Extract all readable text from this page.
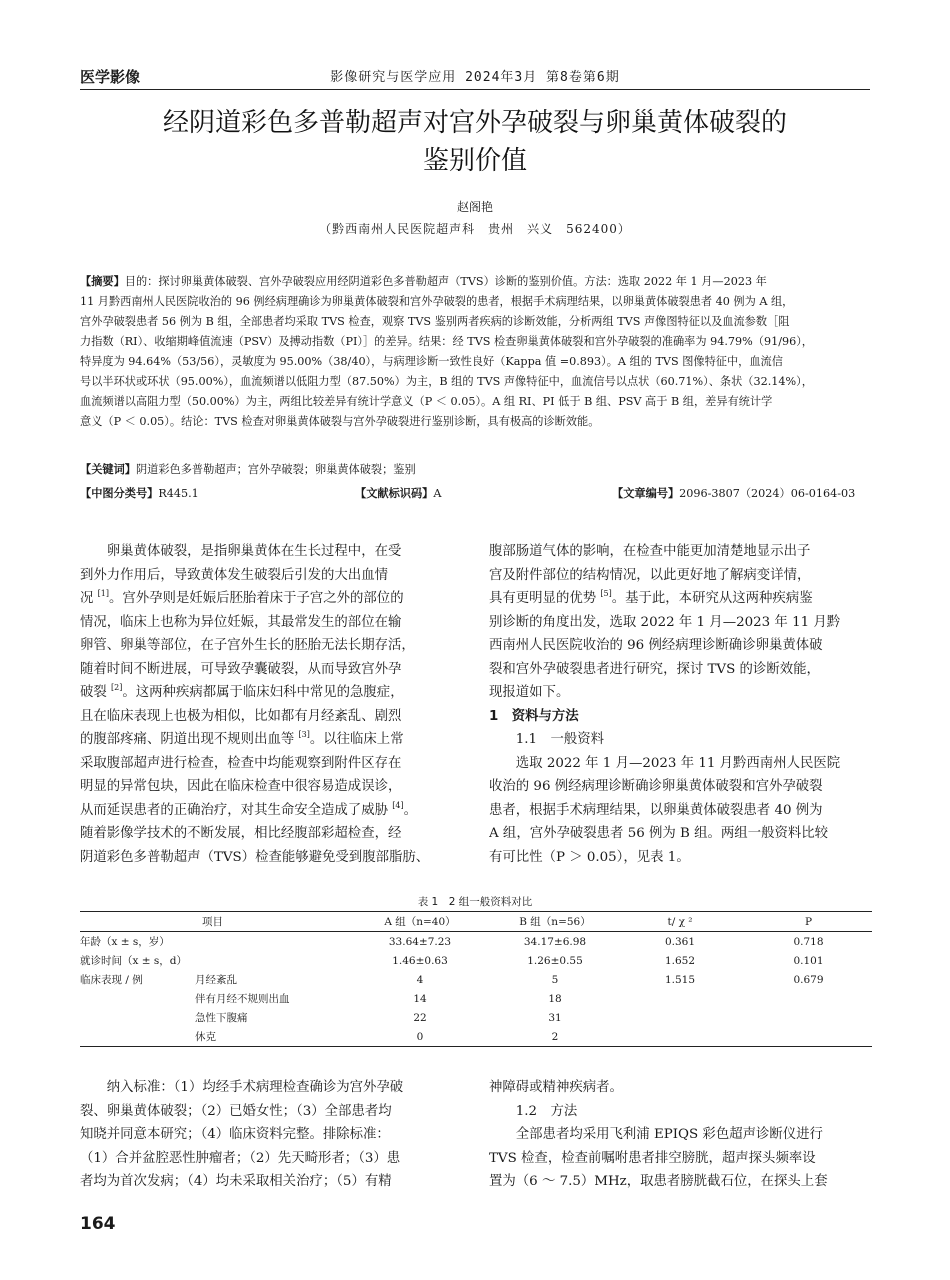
医学影像	影像研究与医学应用 2024年3月 第8卷第6期
经阴道彩色多普勒超声对宫外孕破裂与卵巢黄体破裂的
鉴别价值
赵阁艳
（黔西南州人民医院超声科　贵州　兴义　562400）
【摘要】目的：探讨卵巢黄体破裂、宫外孕破裂应用经阴道彩色多普勒超声（TVS）诊断的鉴别价值。方法：选取 2022 年 1 月—2023 年
11 月黔西南州人民医院收治的 96 例经病理确诊为卵巢黄体破裂和宫外孕破裂的患者，根据手术病理结果，以卵巢黄体破裂患者 40 例为 A 组，
宫外孕破裂患者 56 例为 B 组，全部患者均采取 TVS 检查，观察 TVS 鉴别两者疾病的诊断效能，分析两组 TVS 声像图特征以及血流参数［阻
力指数（RI）、收缩期峰值流速（PSV）及搏动指数（PI）］的差异。结果：经 TVS 检查卵巢黄体破裂和宫外孕破裂的准确率为 94.79%（91/96），
特异度为 94.64%（53/56），灵敏度为 95.00%（38/40），与病理诊断一致性良好（Kappa 值 =0.893）。A 组的 TVS 图像特征中，血流信
号以半环状或环状（95.00%），血流频谱以低阻力型（87.50%）为主，B 组的 TVS 声像特征中，血流信号以点状（60.71%）、条状（32.14%），
血流频谱以高阻力型（50.00%）为主，两组比较差异有统计学意义（P ＜ 0.05）。A 组 RI、PI 低于 B 组、PSV 高于 B 组，差异有统计学
意义（P ＜ 0.05）。结论：TVS 检查对卵巢黄体破裂与宫外孕破裂进行鉴别诊断，具有极高的诊断效能。
【关键词】阴道彩色多普勒超声；宫外孕破裂；卵巢黄体破裂；鉴别
【中图分类号】R445.1	【文献标识码】A	【文章编号】2096-3807（2024）06-0164-03
　　卵巢黄体破裂，是指卵巢黄体在生长过程中，在受
到外力作用后，导致黄体发生破裂后引发的大出血情
况 [1]。宫外孕则是妊娠后胚胎着床于子宫之外的部位的
情况，临床上也称为异位妊娠，其最常发生的部位在输
卵管、卵巢等部位，在子宫外生长的胚胎无法长期存活，
随着时间不断进展，可导致孕囊破裂，从而导致宫外孕
破裂 [2]。这两种疾病都属于临床妇科中常见的急腹症，
且在临床表现上也极为相似，比如都有月经紊乱、剧烈
的腹部疼痛、阴道出现不规则出血等 [3]。以往临床上常
采取腹部超声进行检查，检查中均能观察到附件区存在
明显的异常包块，因此在临床检查中很容易造成误诊，
从而延误患者的正确治疗，对其生命安全造成了威胁 [4]。
随着影像学技术的不断发展，相比经腹部彩超检查，经
阴道彩色多普勒超声（TVS）检查能够避免受到腹部脂肪、
腹部肠道气体的影响，在检查中能更加清楚地显示出子
宫及附件部位的结构情况，以此更好地了解病变详情，
具有更明显的优势 [5]。基于此，本研究从这两种疾病鉴
别诊断的角度出发，选取 2022 年 1 月—2023 年 11 月黔
西南州人民医院收治的 96 例经病理诊断确诊卵巢黄体破
裂和宫外孕破裂患者进行研究，探讨 TVS 的诊断效能，
现报道如下。
1　资料与方法
　　1.1　一般资料
　　选取 2022 年 1 月—2023 年 11 月黔西南州人民医院
收治的 96 例经病理诊断确诊卵巢黄体破裂和宫外孕破裂
患者，根据手术病理结果，以卵巢黄体破裂患者 40 例为
A 组，宫外孕破裂患者 56 例为 B 组。两组一般资料比较
有可比性（P ＞ 0.05），见表 1。
表 1　2 组一般资料对比
项目		A 组（n=40）	B 组（n=56）	t/ χ ²	P
年龄（x ± s，岁）		33.64±7.23	34.17±6.98	0.361	0.718
就诊时间（x ± s，d）		1.46±0.63	1.26±0.55	1.652	0.101
临床表现 / 例	月经紊乱	4	5	1.515	0.679
	伴有月经不规则出血	14	18		
	急性下腹痛	22	31		
	休克	0	2		
　　纳入标准：（1）均经手术病理检查确诊为宫外孕破
裂、卵巢黄体破裂；（2）已婚女性；（3）全部患者均
知晓并同意本研究；（4）临床资料完整。排除标准：
（1）合并盆腔恶性肿瘤者；（2）先天畸形者；（3）患
者均为首次发病；（4）均未采取相关治疗；（5）有精
神障碍或精神疾病者。
　　1.2　方法
　　全部患者均采用飞利浦 EPIQS 彩色超声诊断仪进行
TVS 检查，检查前嘱咐患者排空膀胱，超声探头频率设
置为（6 ～ 7.5）MHz，取患者膀胱截石位，在探头上套
164
